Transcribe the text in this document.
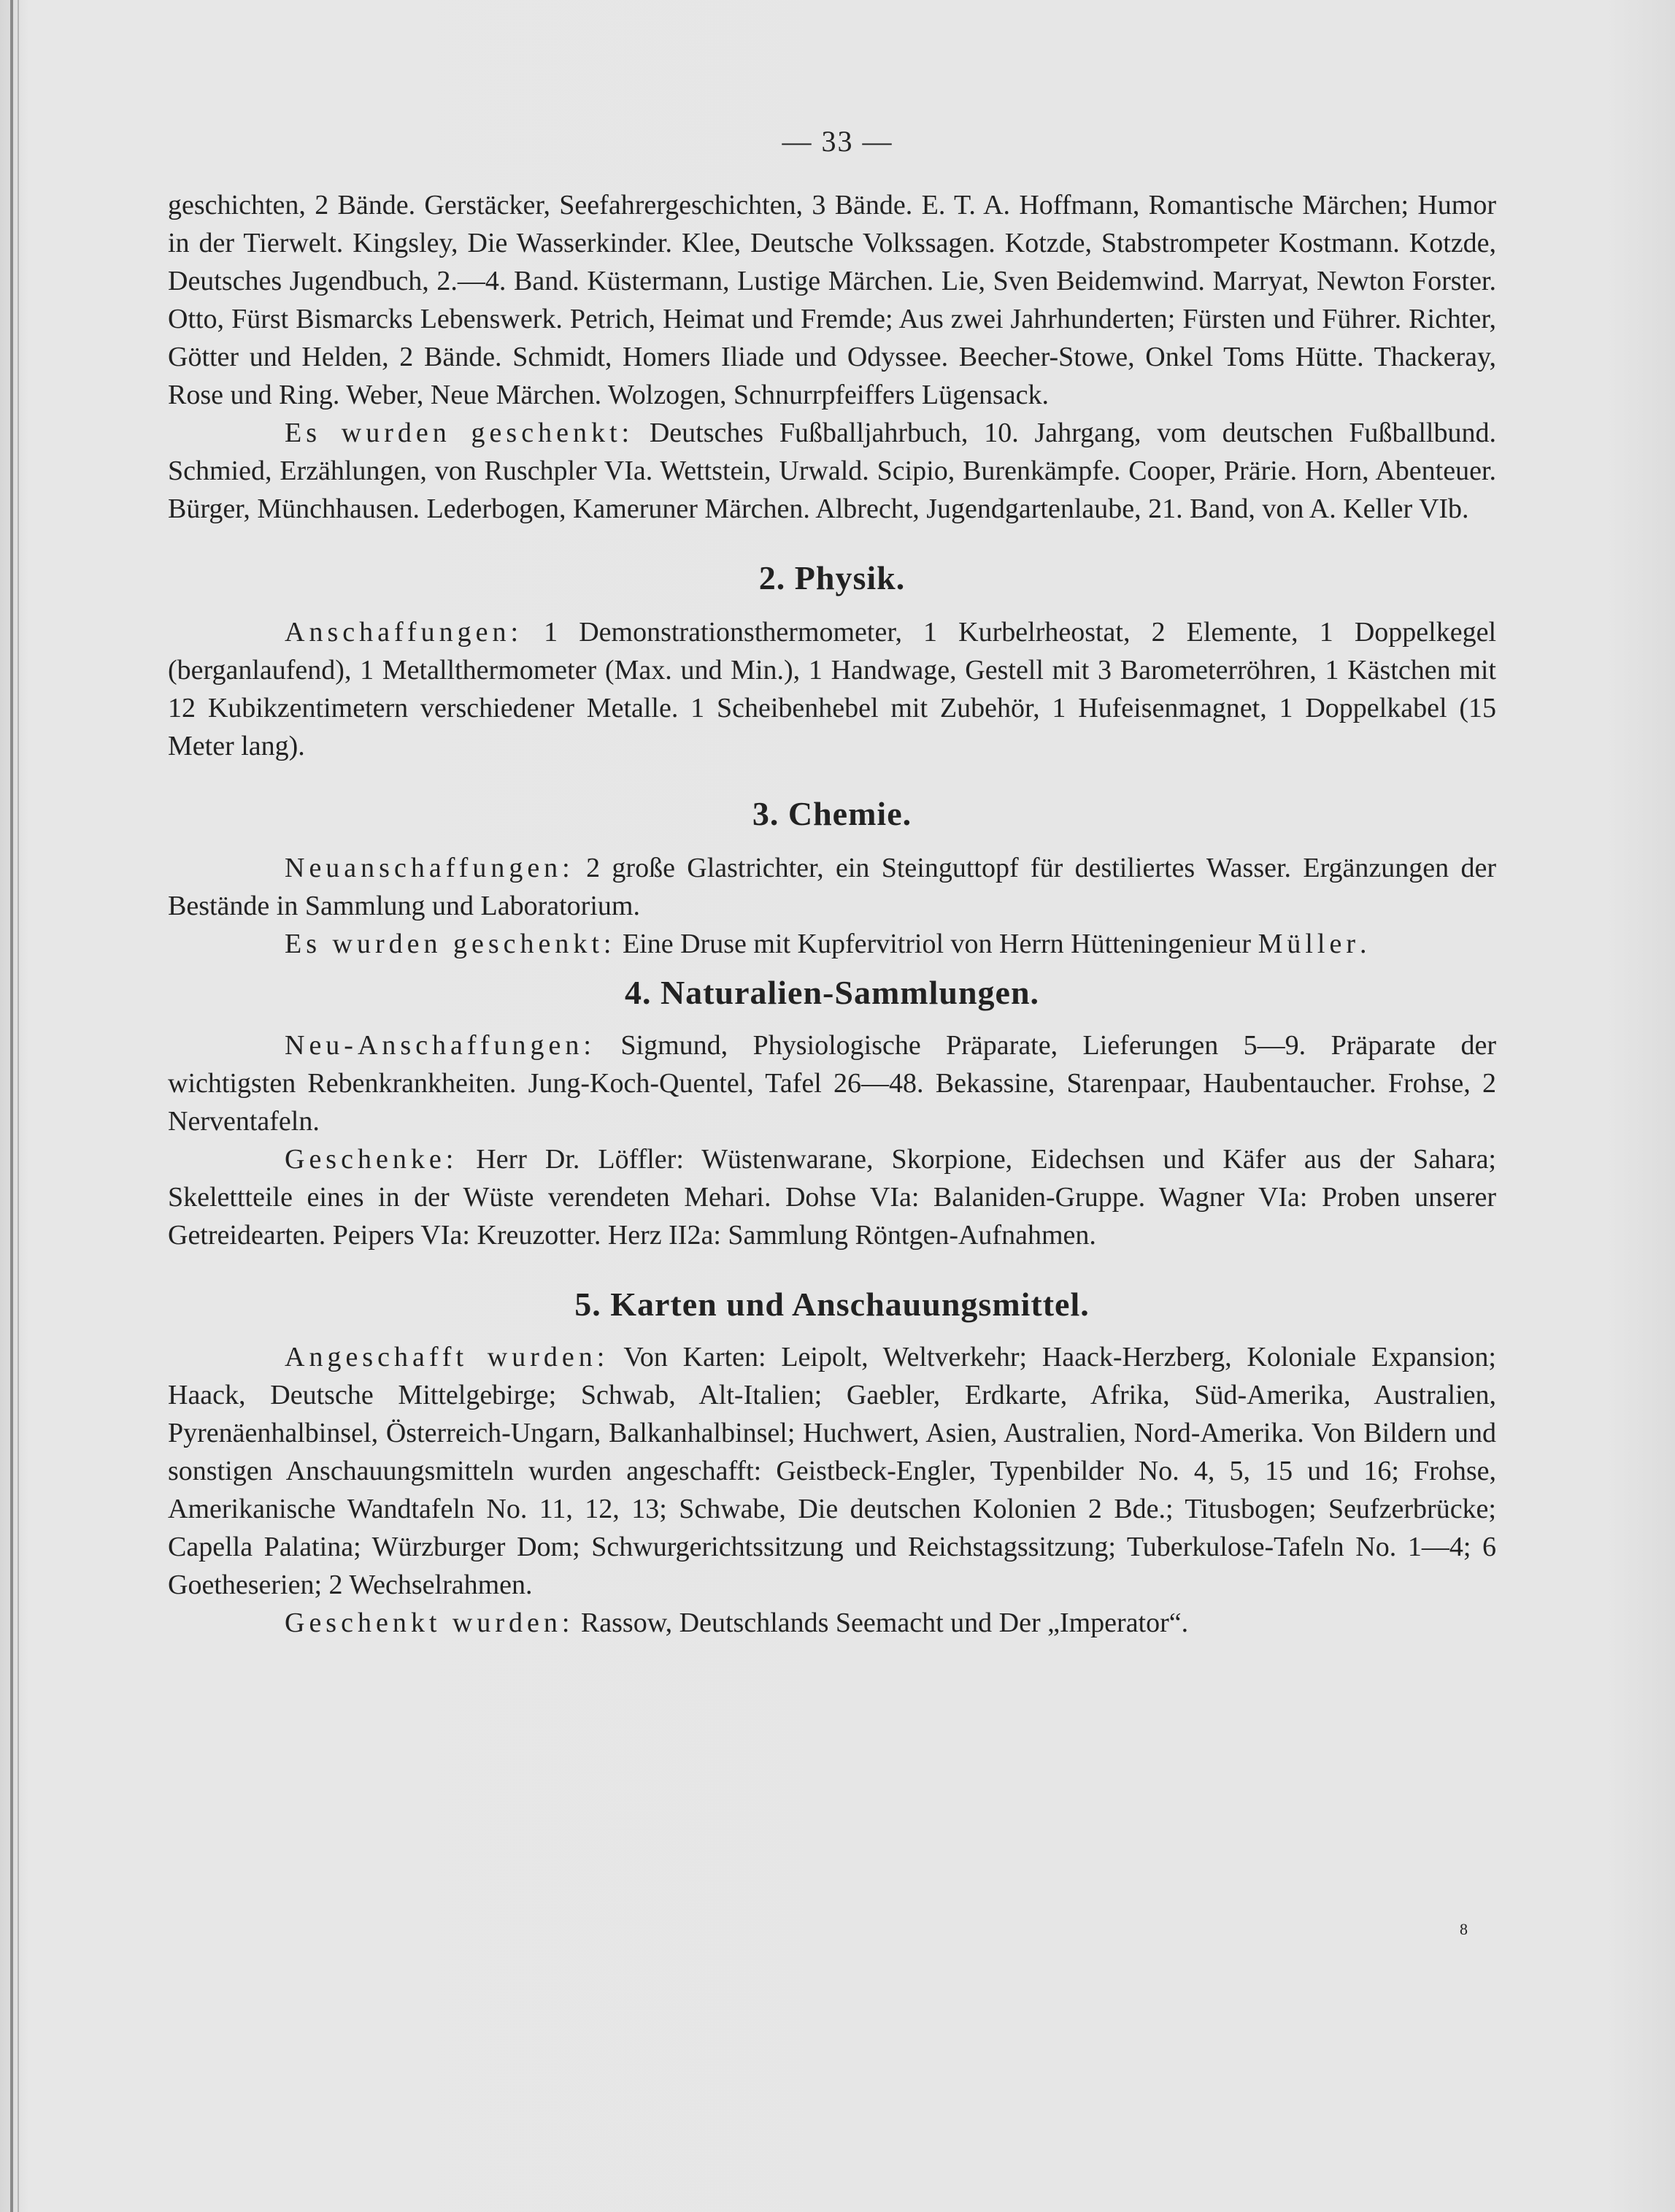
— 33 —

geschichten, 2 Bände. Gerstäcker, Seefahrergeschichten, 3 Bände. E. T. A. Hoffmann, Romantische Märchen; Humor in der Tierwelt. Kingsley, Die Wasserkinder. Klee, Deutsche Volkssagen. Kotzde, Stabstrompeter Kostmann. Kotzde, Deutsches Jugendbuch, 2.—4. Band. Küstermann, Lustige Märchen. Lie, Sven Beidemwind. Marryat, Newton Forster. Otto, Fürst Bismarcks Lebenswerk. Petrich, Heimat und Fremde; Aus zwei Jahrhunderten; Fürsten und Führer. Richter, Götter und Helden, 2 Bände. Schmidt, Homers Iliade und Odyssee. Beecher-Stowe, Onkel Toms Hütte. Thackeray, Rose und Ring. Weber, Neue Märchen. Wolzogen, Schnurrpfeiffers Lügensack.

Es wurden geschenkt: Deutsches Fußballjahrbuch, 10. Jahrgang, vom deutschen Fußballbund. Schmied, Erzählungen, von Ruschpler VIa. Wettstein, Urwald. Scipio, Burenkämpfe. Cooper, Prärie. Horn, Abenteuer. Bürger, Münchhausen. Lederbogen, Kameruner Märchen. Albrecht, Jugendgartenlaube, 21. Band, von A. Keller VIb.

2. Physik.

Anschaffungen: 1 Demonstrationsthermometer, 1 Kurbelrheostat, 2 Elemente, 1 Doppelkegel (berganlaufend), 1 Metallthermometer (Max. und Min.), 1 Handwage, Gestell mit 3 Barometerröhren, 1 Kästchen mit 12 Kubikzentimetern verschiedener Metalle. 1 Scheibenhebel mit Zubehör, 1 Hufeisenmagnet, 1 Doppelkabel (15 Meter lang).

3. Chemie.

Neuanschaffungen: 2 große Glastrichter, ein Steinguttopf für destiliertes Wasser. Ergänzungen der Bestände in Sammlung und Laboratorium.

Es wurden geschenkt: Eine Druse mit Kupfervitriol von Herrn Hütteningenieur Müller.

4. Naturalien-Sammlungen.

Neu-Anschaffungen: Sigmund, Physiologische Präparate, Lieferungen 5—9. Präparate der wichtigsten Rebenkrankheiten. Jung-Koch-Quentel, Tafel 26—48. Bekassine, Starenpaar, Haubentaucher. Frohse, 2 Nerventafeln.

Geschenke: Herr Dr. Löffler: Wüstenwarane, Skorpione, Eidechsen und Käfer aus der Sahara; Skelettteile eines in der Wüste verendeten Mehari. Dohse VIa: Balaniden-Gruppe. Wagner VIa: Proben unserer Getreidearten. Peipers VIa: Kreuzotter. Herz II2a: Sammlung Röntgen-Aufnahmen.

5. Karten und Anschauungsmittel.

Angeschafft wurden: Von Karten: Leipolt, Weltverkehr; Haack-Herzberg, Koloniale Expansion; Haack, Deutsche Mittelgebirge; Schwab, Alt-Italien; Gaebler, Erdkarte, Afrika, Süd-Amerika, Australien, Pyrenäenhalbinsel, Österreich-Ungarn, Balkanhalbinsel; Huchwert, Asien, Australien, Nord-Amerika. Von Bildern und sonstigen Anschauungsmitteln wurden angeschafft: Geistbeck-Engler, Typenbilder No. 4, 5, 15 und 16; Frohse, Amerikanische Wandtafeln No. 11, 12, 13; Schwabe, Die deutschen Kolonien 2 Bde.; Titusbogen; Seufzerbrücke; Capella Palatina; Würzburger Dom; Schwurgerichtssitzung und Reichstagssitzung; Tuberkulose-Tafeln No. 1—4; 6 Goetheserien; 2 Wechselrahmen.

Geschenkt wurden: Rassow, Deutschlands Seemacht und Der „Imperator“.

8
